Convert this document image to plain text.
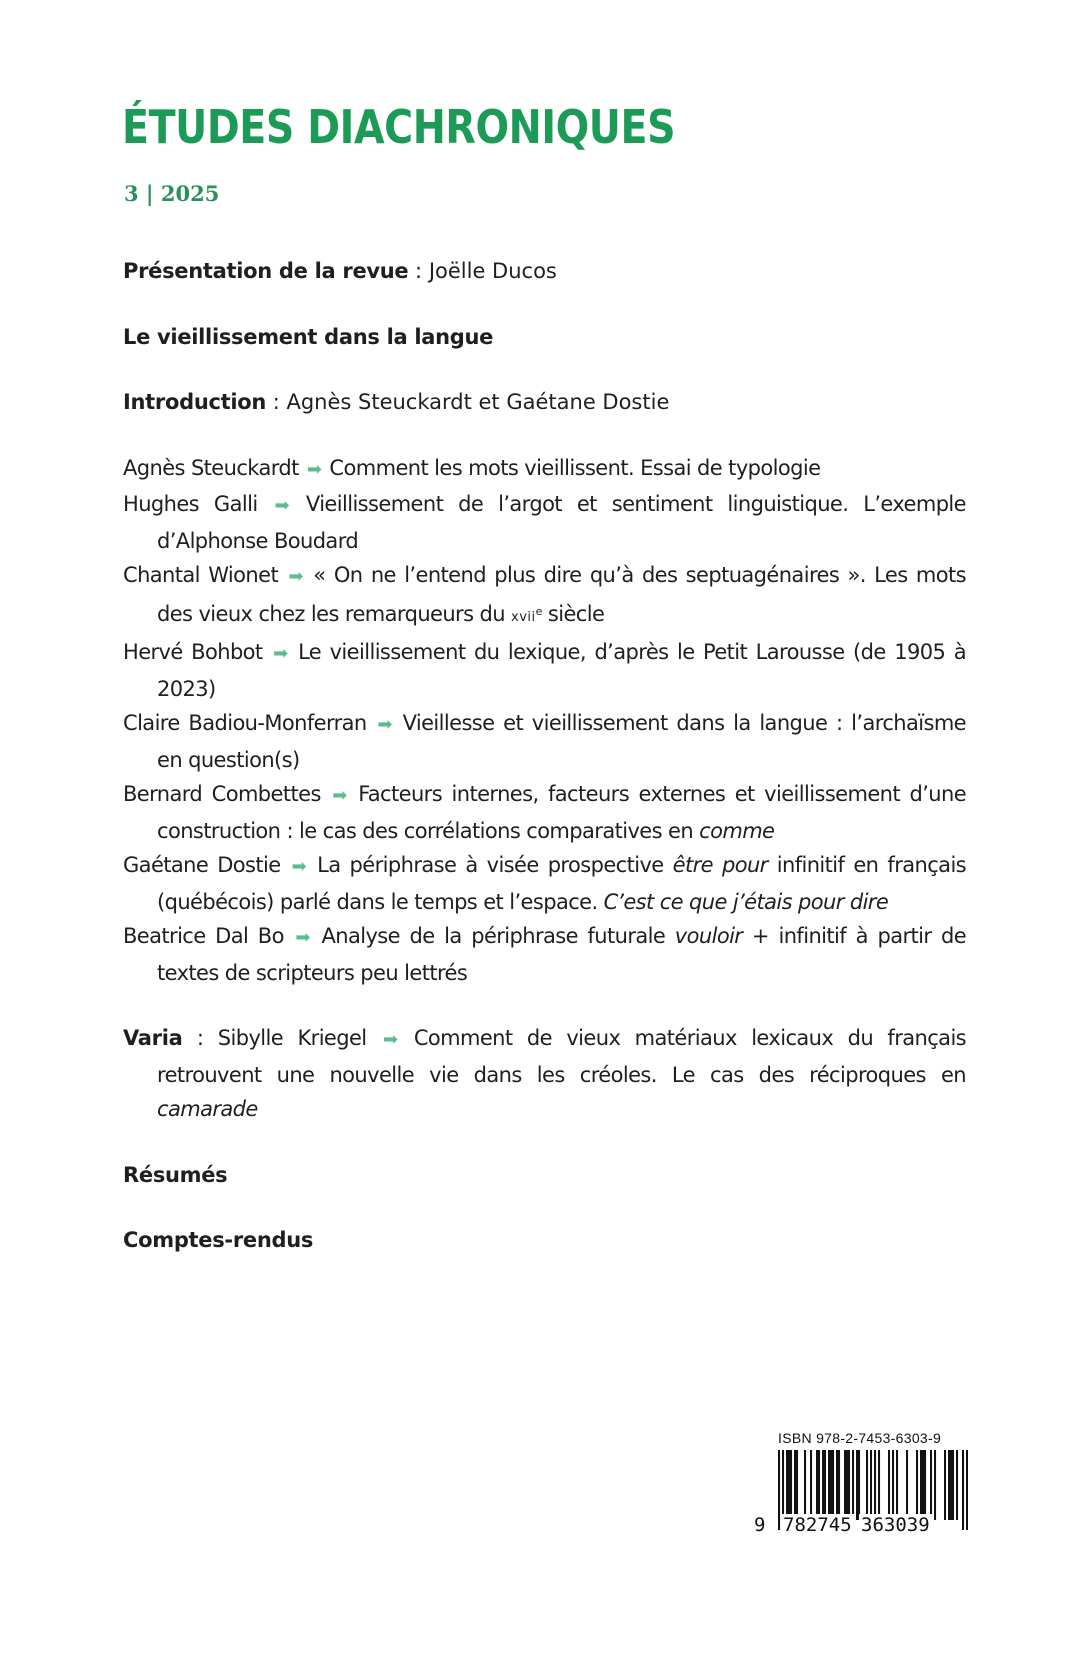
ÉTUDES DIACHRONIQUES
3 | 2025
Présentation de la revue : Joëlle Ducos
Le vieillissement dans la langue
Introduction : Agnès Steuckardt et Gaétane Dostie
Agnès Steuckardt ➡ Comment les mots vieillissent. Essai de typologie
Hughes Galli ➡ Vieillissement de l’argot et sentiment linguistique. L’exemple d’Alphonse Boudard
Chantal Wionet ➡ « On ne l’entend plus dire qu’à des septuagénaires ». Les mots des vieux chez les remarqueurs du xvii$^e$ siècle
Hervé Bohbot ➡ Le vieillissement du lexique, d’après le Petit Larousse (de 1905 à 2023)
Claire Badiou-Monferran ➡ Vieillesse et vieillissement dans la langue : l’archaïsme en question(s)
Bernard Combettes ➡ Facteurs internes, facteurs externes et vieillissement d’une construction : le cas des corrélations comparatives en comme
Gaétane Dostie ➡ La périphrase à visée prospective être pour infinitif en français (québécois) parlé dans le temps et l’espace. C’est ce que j’étais pour dire
Beatrice Dal Bo ➡ Analyse de la périphrase futurale vouloir + infinitif à partir de textes de scripteurs peu lettrés
Varia : Sibylle Kriegel ➡ Comment de vieux matériaux lexicaux du français retrouvent une nouvelle vie dans les créoles. Le cas des réciproques en camarade
Résumés
Comptes-rendus
ISBN 978-2-7453-6303-9
9 782745 363039
